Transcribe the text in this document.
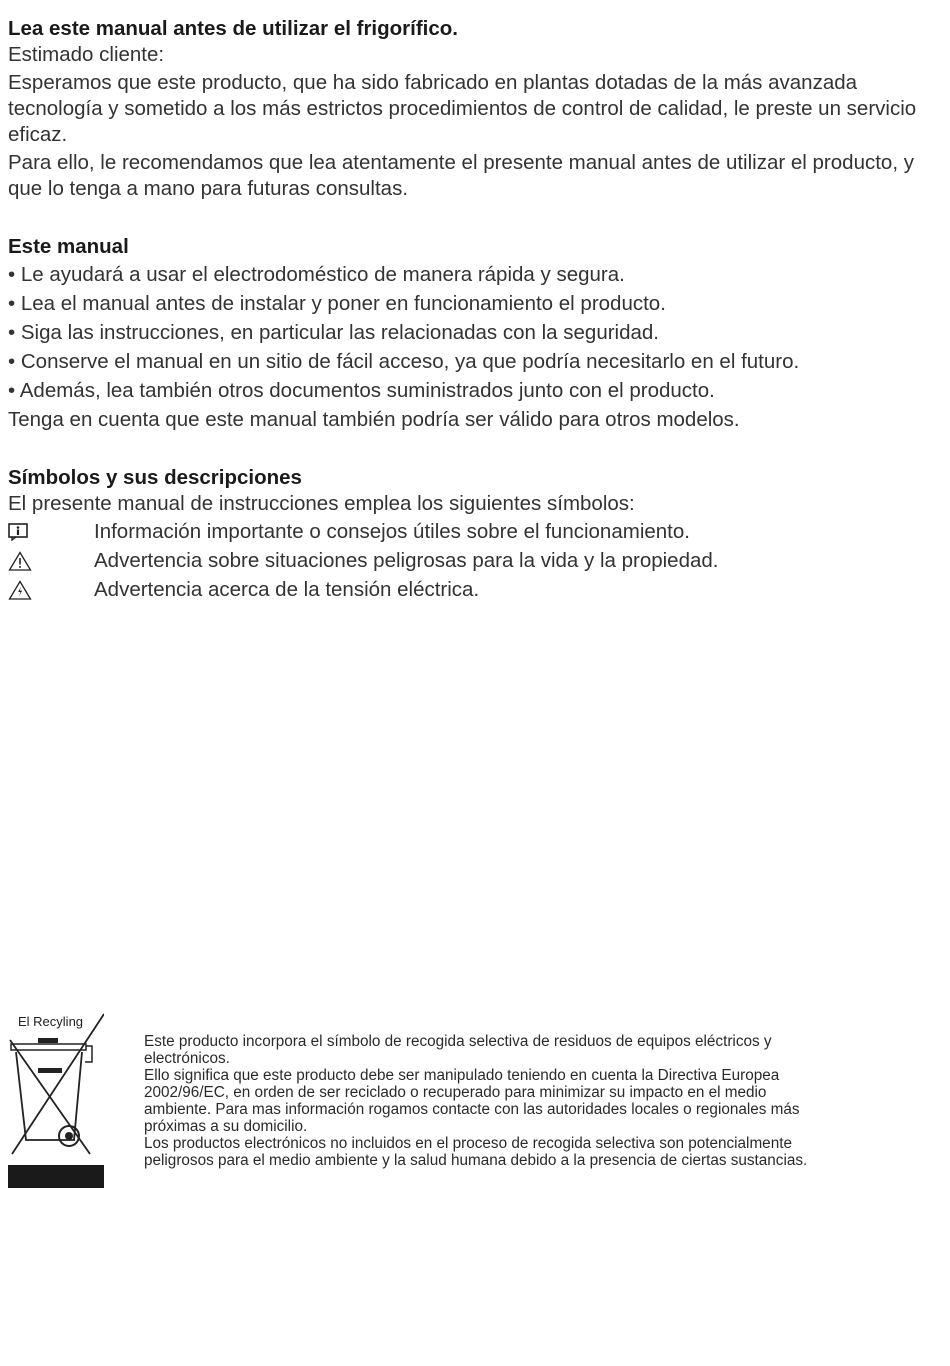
Lea este manual antes de utilizar el frigorífico.

Estimado cliente:

Esperamos que este producto, que ha sido fabricado en plantas dotadas de la más avanzada tecnología y sometido a los más estrictos procedimientos de control de calidad, le preste un servicio eficaz.

Para ello, le recomendamos que lea atentamente el presente manual antes de utilizar el producto, y que lo tenga a mano para futuras consultas.

Este manual

• Le ayudará a usar el electrodoméstico de manera rápida y segura.
• Lea el manual antes de instalar y poner en funcionamiento el producto.
• Siga las instrucciones, en particular las relacionadas con la seguridad.
• Conserve el manual en un sitio de fácil acceso, ya que podría necesitarlo en el futuro.
• Además, lea también otros documentos suministrados junto con el producto.

Tenga en cuenta que este manual también podría ser válido para otros modelos.

Símbolos y sus descripciones

El presente manual de instrucciones emplea los siguientes símbolos:

Información importante o consejos útiles sobre el funcionamiento.
Advertencia sobre situaciones peligrosas para la vida y la propiedad.
Advertencia acerca de la tensión eléctrica.
El Recyling

Este producto incorpora el símbolo de recogida selectiva de residuos de equipos eléctricos y electrónicos.

Ello significa que este producto debe ser manipulado teniendo en cuenta la Directiva Europea 2002/96/EC, en orden de ser reciclado o recuperado para minimizar su impacto en el medio ambiente. Para mas información rogamos contacte con las autoridades locales o regionales más próximas a su domicilio.

Los productos electrónicos no incluidos en el proceso de recogida selectiva son potencialmente peligrosos para el medio ambiente y la salud humana debido a la presencia de ciertas sustancias.
